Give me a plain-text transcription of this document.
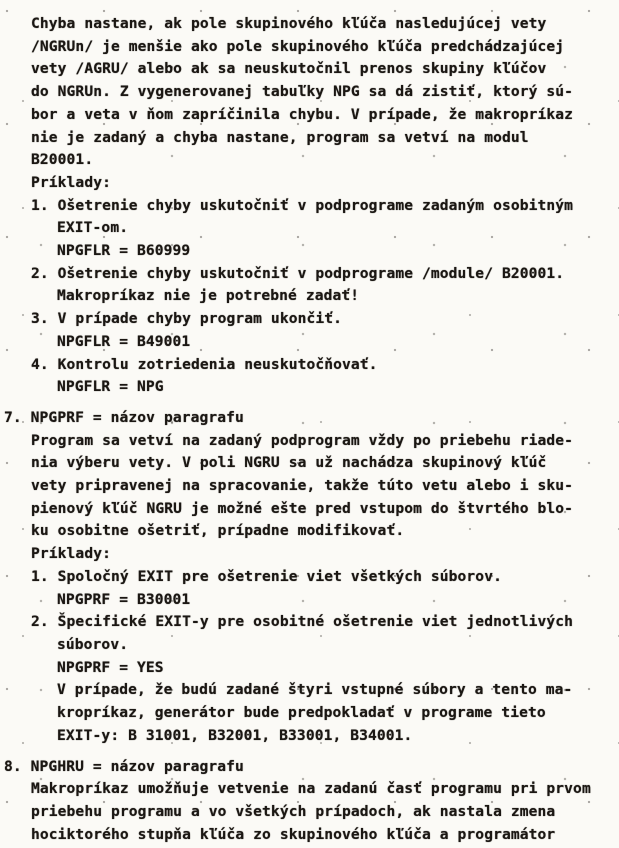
Chyba nastane, ak pole skupinového kľúča nasledujúcej vety
/NGRUn/ je menšie ako pole skupinového kľúča predchádzajúcej
vety /AGRU/ alebo ak sa neuskutočnil prenos skupiny kľúčov
do NGRUn. Z vygenerovanej tabuľky NPG sa dá zistiť, ktorý sú-
bor a veta v ňom zapríčinila chybu. V prípade, že makropríkaz
nie je zadaný a chyba nastane, program sa vetví na modul
B20001.
Príklady:
1. Ošetrenie chyby uskutočniť v podprograme zadaným osobitným
EXIT-om.
NPGFLR = B60999
2. Ošetrenie chyby uskutočniť v podprograme /module/ B20001.
Makropríkaz nie je potrebné zadať!
3. V prípade chyby program ukončiť.
NPGFLR = B49001
4. Kontrolu zotriedenia neuskutočňovať.
NPGFLR = NPG
7. NPGPRF = názov paragrafu
Program sa vetví na zadaný podprogram vždy po priebehu riade-
nia výberu vety. V poli NGRU sa už nachádza skupinový kľúč
vety pripravenej na spracovanie, takže túto vetu alebo i sku-
pienový kľúč NGRU je možné ešte pred vstupom do štvrtého blo-
ku osobitne ošetriť, prípadne modifikovať.
Príklady:
1. Spoločný EXIT pre ošetrenie viet všetkých súborov.
NPGPRF = B30001
2. Špecifické EXIT-y pre osobitné ošetrenie viet jednotlivých
súborov.
NPGPRF = YES
V prípade, že budú zadané štyri vstupné súbory a tento ma-
kropríkaz, generátor bude predpokladať v programe tieto
EXIT-y: B 31001, B32001, B33001, B34001.
8. NPGHRU = názov paragrafu
Makropríkaz umožňuje vetvenie na zadanú časť programu pri prvom
priebehu programu a vo všetkých prípadoch, ak nastala zmena
hociktorého stupňa kľúča zo skupinového kľúča a programátor
